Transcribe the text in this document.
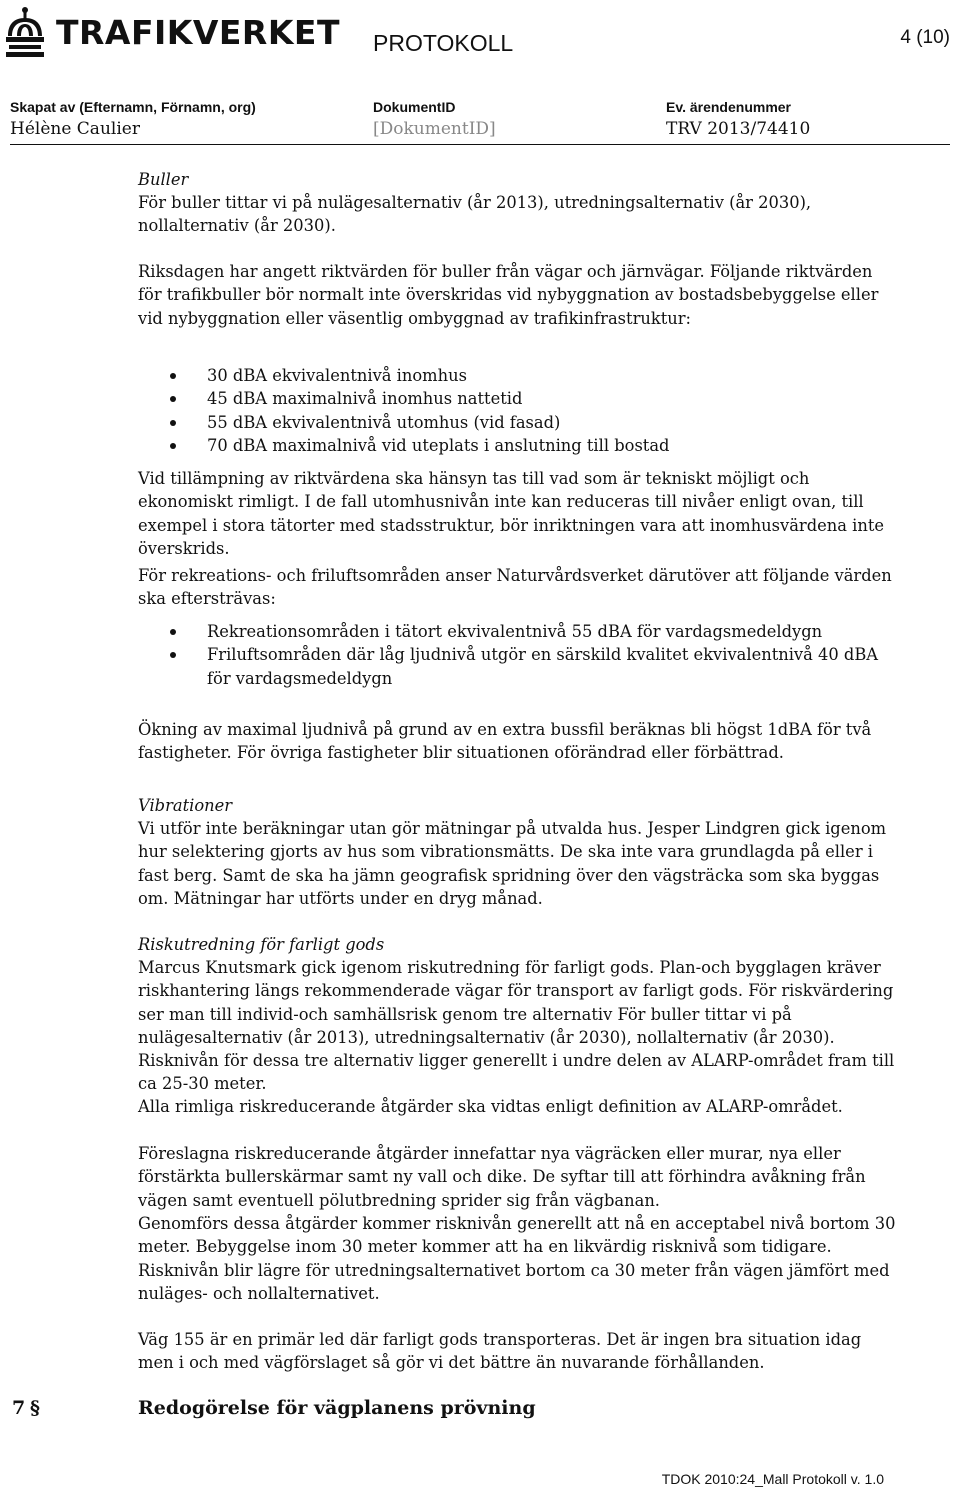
TRAFIKVERKET PROTOKOLL	4 (10)
Skapat av (Efternamn, Förnamn, org)
Hélène Caulier
DokumentID
[DokumentID]
Ev. ärendenummer
TRV 2013/74410

Buller

För buller tittar vi på nulägesalternativ (år 2013), utredningsalternativ (år 2030), nollalternativ (år 2030).

Riksdagen har angett riktvärden för buller från vägar och järnvägar. Följande riktvärden för trafikbuller bör normalt inte överskridas vid nybyggnation av bostadsbebyggelse eller vid nybyggnation eller väsentlig ombyggnad av trafikinfrastruktur:

30 dBA ekvivalentnivå inomhus
45 dBA maximalnivå inomhus nattetid
55 dBA ekvivalentnivå utomhus (vid fasad)
70 dBA maximalnivå vid uteplats i anslutning till bostad

Vid tillämpning av riktvärdena ska hänsyn tas till vad som är tekniskt möjligt och ekonomiskt rimligt. I de fall utomhusnivån inte kan reduceras till nivåer enligt ovan, till exempel i stora tätorter med stadsstruktur, bör inriktningen vara att inomhusvärdena inte överskrids.

För rekreations- och friluftsområden anser Naturvårdsverket därutöver att följande värden ska eftersträvas:

Rekreationsområden i tätort ekvivalentnivå 55 dBA för vardagsmedeldygn
Friluftsområden där låg ljudnivå utgör en särskild kvalitet ekvivalentnivå 40 dBA för vardagsmedeldygn

Ökning av maximal ljudnivå på grund av en extra bussfil beräknas bli högst 1dBA för två fastigheter. För övriga fastigheter blir situationen oförändrad eller förbättrad.

Vibrationer

Vi utför inte beräkningar utan gör mätningar på utvalda hus. Jesper Lindgren gick igenom hur selektering gjorts av hus som vibrationsmätts. De ska inte vara grundlagda på eller i fast berg. Samt de ska ha jämn geografisk spridning över den vägsträcka som ska byggas om. Mätningar har utförts under en dryg månad.

Riskutredning för farligt gods

Marcus Knutsmark gick igenom riskutredning för farligt gods. Plan-och bygglagen kräver riskhantering längs rekommenderade vägar för transport av farligt gods. För riskvärdering ser man till individ-och samhällsrisk genom tre alternativ För buller tittar vi på nulägesalternativ (år 2013), utredningsalternativ (år 2030), nollalternativ (år 2030). Risknivån för dessa tre alternativ ligger generellt i undre delen av ALARP-området fram till ca 25-30 meter.

Alla rimliga riskreducerande åtgärder ska vidtas enligt definition av ALARP-området.

Föreslagna riskreducerande åtgärder innefattar nya vägräcken eller murar, nya eller förstärkta bullerskärmar samt ny vall och dike. De syftar till att förhindra avåkning från vägen samt eventuell pölutbredning sprider sig från vägbanan.

Genomförs dessa åtgärder kommer risknivån generellt att nå en acceptabel nivå bortom 30 meter. Bebyggelse inom 30 meter kommer att ha en likvärdig risknivå som tidigare. Risknivån blir lägre för utredningsalternativet bortom ca 30 meter från vägen jämfört med nuläges- och nollalternativet.

Väg 155 är en primär led där farligt gods transporteras. Det är ingen bra situation idag men i och med vägförslaget så gör vi det bättre än nuvarande förhållanden.

7 §	Redogörelse för vägplanens prövning
TDOK 2010:24_Mall Protokoll v. 1.0
